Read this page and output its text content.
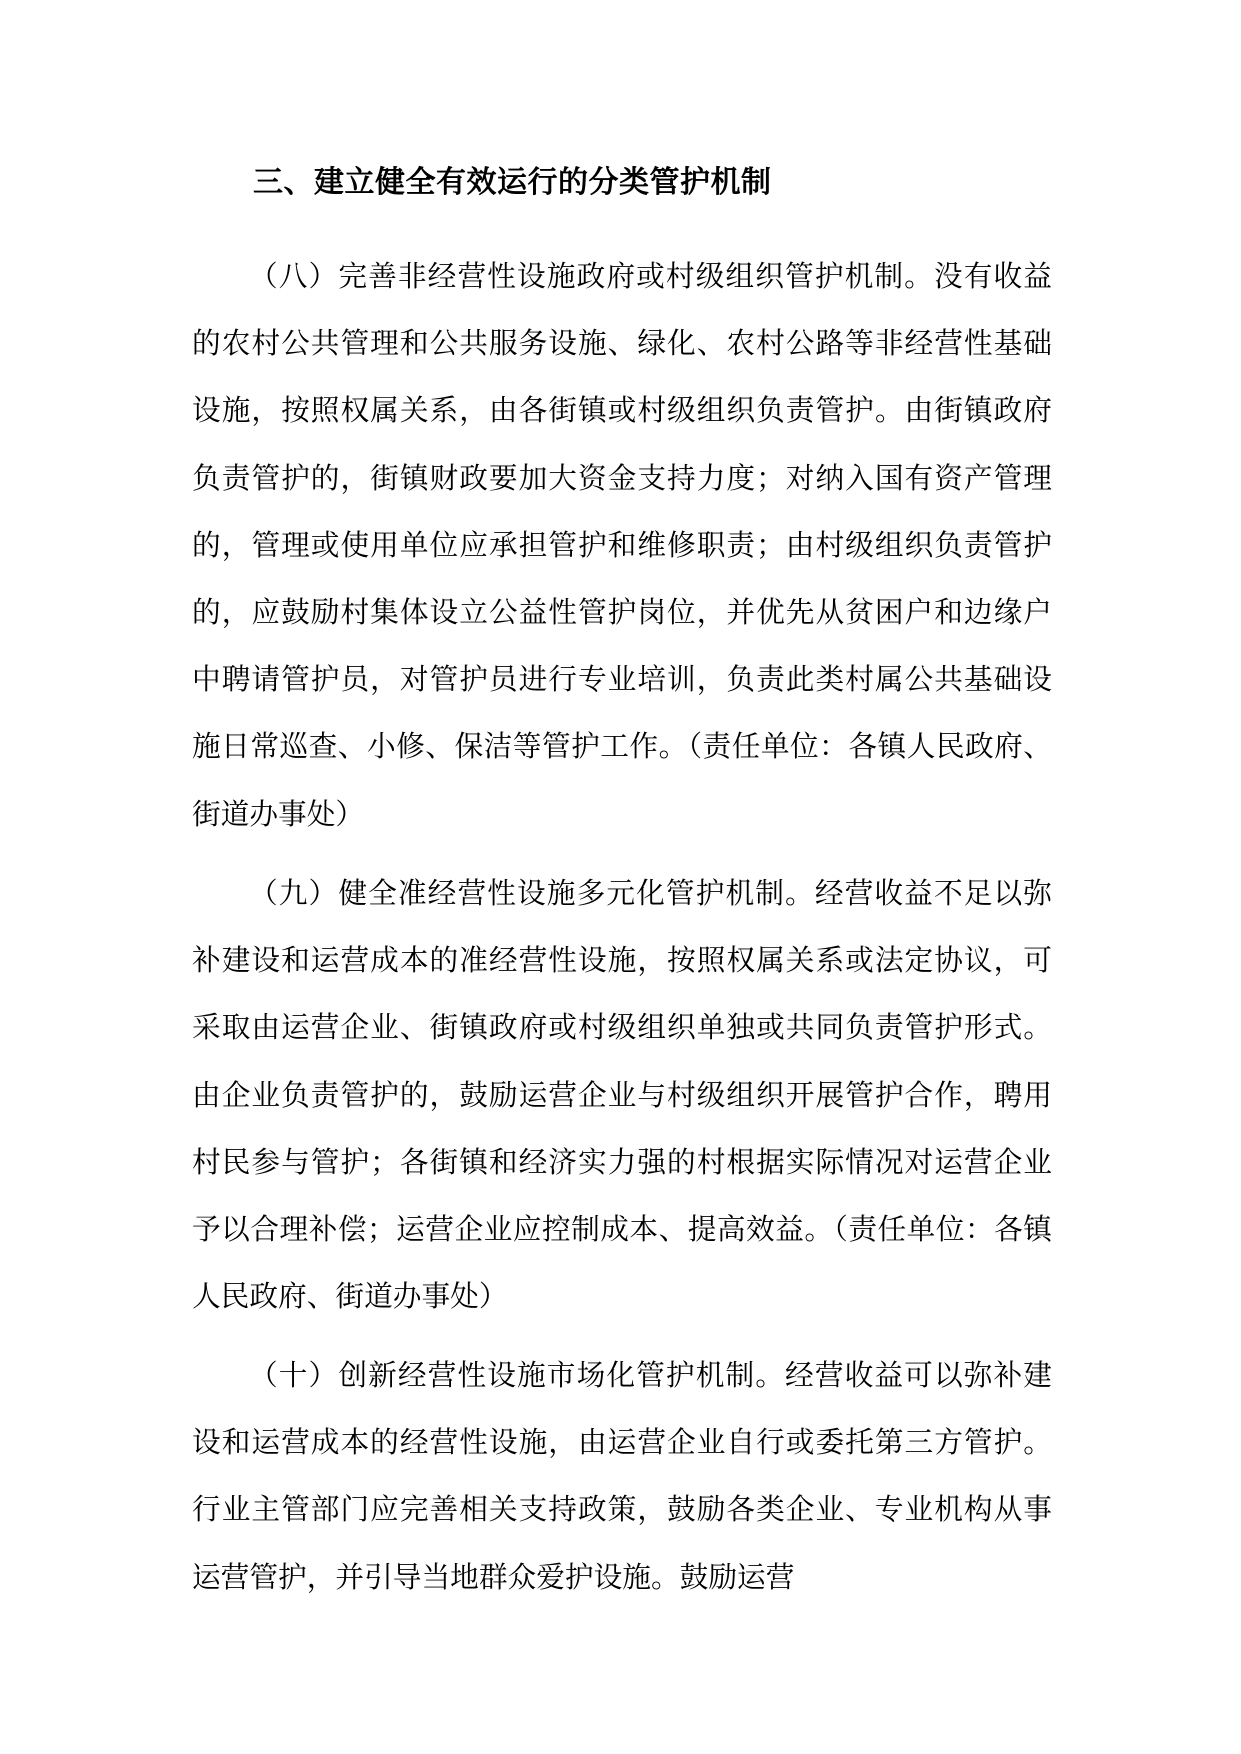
三、建立健全有效运行的分类管护机制

（八）完善非经营性设施政府或村级组织管护机制。没有收益的农村公共管理和公共服务设施、绿化、农村公路等非经营性基础设施，按照权属关系，由各街镇或村级组织负责管护。由街镇政府负责管护的，街镇财政要加大资金支持力度；对纳入国有资产管理的，管理或使用单位应承担管护和维修职责；由村级组织负责管护的，应鼓励村集体设立公益性管护岗位，并优先从贫困户和边缘户中聘请管护员，对管护员进行专业培训，负责此类村属公共基础设施日常巡查、小修、保洁等管护工作。（责任单位：各镇人民政府、街道办事处）

（九）健全准经营性设施多元化管护机制。经营收益不足以弥补建设和运营成本的准经营性设施，按照权属关系或法定协议，可采取由运营企业、街镇政府或村级组织单独或共同负责管护形式。由企业负责管护的，鼓励运营企业与村级组织开展管护合作，聘用村民参与管护；各街镇和经济实力强的村根据实际情况对运营企业予以合理补偿；运营企业应控制成本、提高效益。（责任单位：各镇人民政府、街道办事处）

（十）创新经营性设施市场化管护机制。经营收益可以弥补建设和运营成本的经营性设施，由运营企业自行或委托第三方管护。行业主管部门应完善相关支持政策，鼓励各类企业、专业机构从事运营管护，并引导当地群众爱护设施。鼓励运营
